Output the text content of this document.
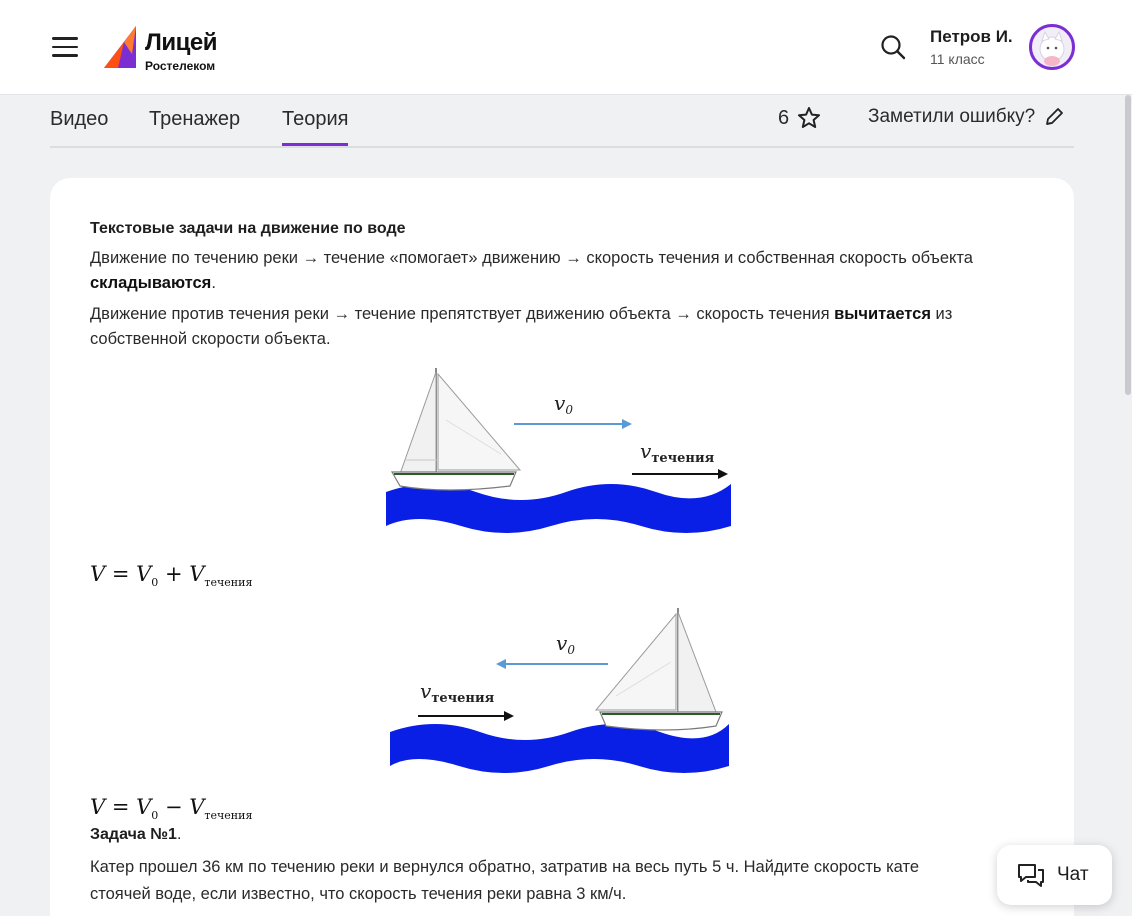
Лицей
Ростелеком
Петров И.
11 класс
Видео Тренажер Теория	6	Заметили ошибку?
Текстовые задачи на движение по воде

Движение по течению реки → течение «помогает» движению → скорость течения и собственная скорость объекта складываются.

Движение против течения реки → течение препятствует движению объекта → скорость течения вычитается из собственной скорости объекта.

$v_0$
$v_{течения}$
$V = V_0 + V_{течения}$
$v_0$
$v_{течения}$
$V = V_0 - V_{течения}$
Задача №1.
Катер прошел 36 км по течению реки и вернулся обратно, затратив на весь путь 5 ч. Найдите скорость кате
стоячей воде, если известно, что скорость течения реки равна 3 км/ч.
Чат
